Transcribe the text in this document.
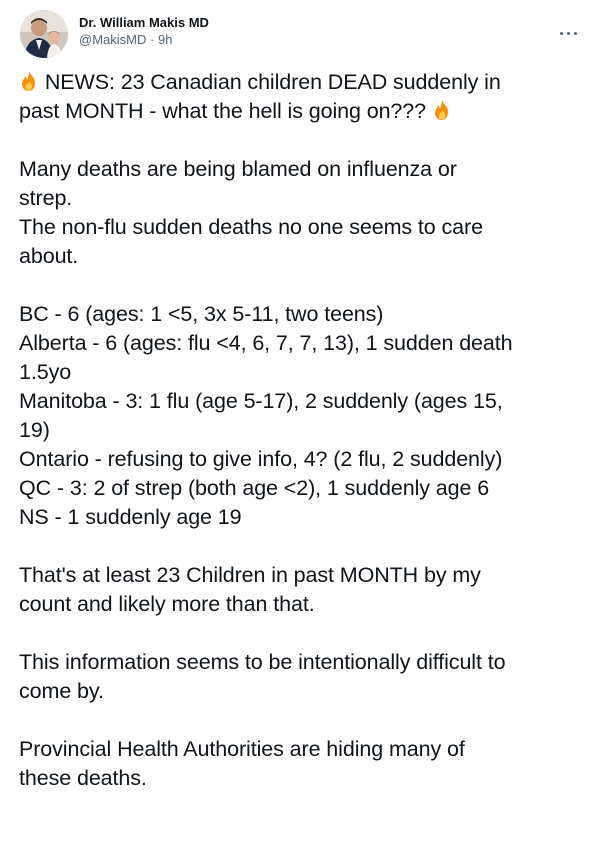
Dr. William Makis MD
@MakisMD · 9h

NEWS: 23 Canadian children DEAD suddenly in
past MONTH - what the hell is going on???

Many deaths are being blamed on influenza or
strep.
The non-flu sudden deaths no one seems to care
about.

BC - 6 (ages: 1 <5, 3x 5-11, two teens)
Alberta - 6 (ages: flu <4, 6, 7, 7, 13), 1 sudden death
1.5yo
Manitoba - 3: 1 flu (age 5-17), 2 suddenly (ages 15,
19)
Ontario - refusing to give info, 4? (2 flu, 2 suddenly)
QC - 3: 2 of strep (both age <2), 1 suddenly age 6
NS - 1 suddenly age 19

That's at least 23 Children in past MONTH by my
count and likely more than that.

This information seems to be intentionally difficult to
come by.

Provincial Health Authorities are hiding many of
these deaths.
